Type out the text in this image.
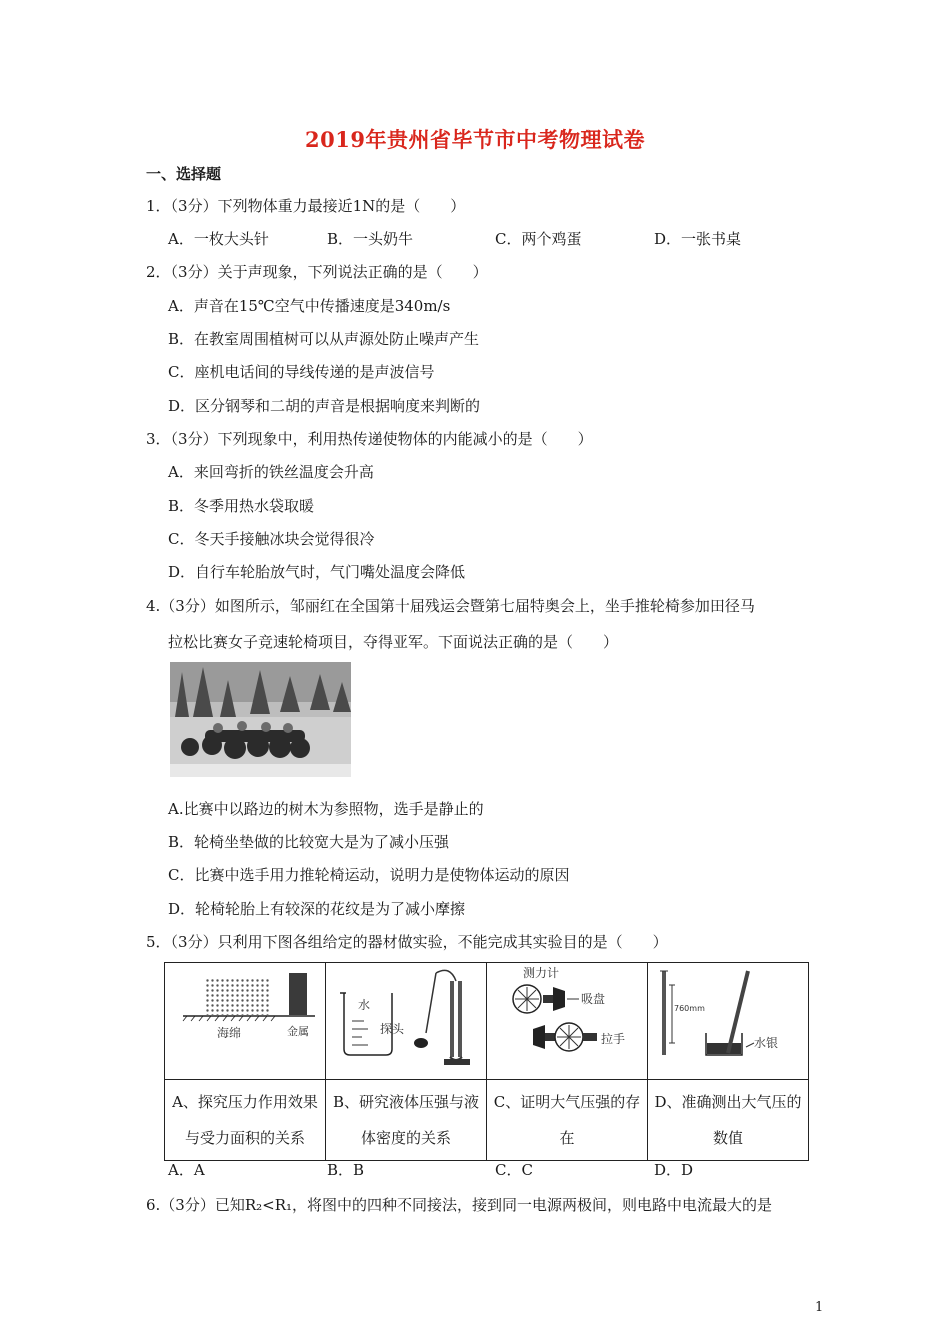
2019年贵州省毕节市中考物理试卷
一、选择题
1．（3分）下列物体重力最接近1N的是（　　）
A．一枚大头针	B．一头奶牛	C．两个鸡蛋	D．一张书桌
2．（3分）关于声现象，下列说法正确的是（　　）
A．声音在15℃空气中传播速度是340m/s
B．在教室周围植树可以从声源处防止噪声产生
C．座机电话间的导线传递的是声波信号
D．区分钢琴和二胡的声音是根据响度来判断的
3．（3分）下列现象中，利用热传递使物体的内能减小的是（　　）
A．来回弯折的铁丝温度会升高
B．冬季用热水袋取暖
C．冬天手接触冰块会觉得很冷
D．自行车轮胎放气时，气门嘴处温度会降低
4.（3分）如图所示，邹丽红在全国第十届残运会暨第七届特奥会上，坐手推轮椅参加田径马
拉松比赛女子竞速轮椅项目，夺得亚军。下面说法正确的是（　　）
A.比赛中以路边的树木为参照物，选手是静止的
B．轮椅坐垫做的比较宽大是为了减小压强
C．比赛中选手用力推轮椅运动，说明力是使物体运动的原因
D．轮椅轮胎上有较深的花纹是为了减小摩擦
5．（3分）只利用下图各组给定的器材做实验，不能完成其实验目的是（　　）
海绵 金属	水
探头	测力计
吸盘
拉手	760mm
水银

A、探究压力作用效果与受力面积的关系	B、研究液体压强与液体密度的关系	C、证明大气压强的存在	D、准确测出大气压的数值
A．A	B．B	C．C	D．D
6.（3分）已知R₂<R₁，将图中的四种不同接法，接到同一电源两极间，则电路中电流最大的是
1
